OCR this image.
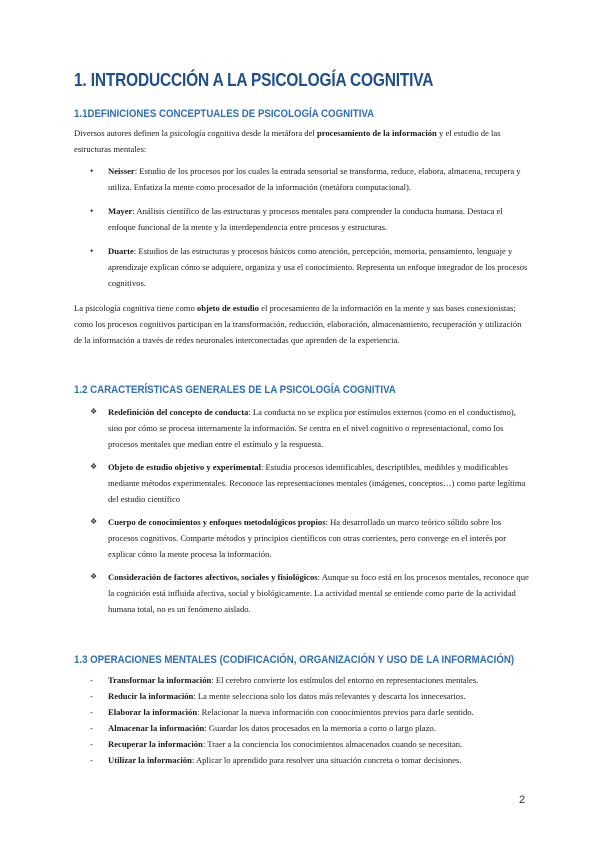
1. INTRODUCCIÓN A LA PSICOLOGÍA COGNITIVA
1.1DEFINICIONES CONCEPTUALES DE PSICOLOGÍA COGNITIVA

Diversos autores definen la psicología cognitiva desde la metáfora del procesamiento de la información y el estudio de las estructuras mentales:

• Neisser: Estudio de los procesos por los cuales la entrada sensorial se transforma, reduce, elabora, almacena, recupera y utiliza. Enfatiza la mente como procesador de la información (metáfora computacional).
• Mayer: Análisis científico de las estructuras y procesos mentales para comprender la conducta humana. Destaca el enfoque funcional de la mente y la interdependencia entre procesos y estructuras.
• Duarte: Estudios de las estructuras y procesos básicos como atención, percepción, memoria, pensamiento, lenguaje y aprendizaje explican cómo se adquiere, organiza y usa el conocimiento. Representa un enfoque integrador de los procesos cognitivos.

La psicología cognitiva tiene como objeto de estudio el procesamiento de la información en la mente y sus bases conexionistas; como los procesos cognitivos participan en la transformación, reducción, elaboración, almacenamiento, recuperación y utilización de la información a través de redes neuronales interconectadas que aprenden de la experiencia.

1.2 CARACTERÍSTICAS GENERALES DE LA PSICOLOGÍA COGNITIVA
❖ Redefinición del concepto de conducta: La conducta no se explica por estímulos externos (como en el conductismo), sino por cómo se procesa internamente la información. Se centra en el nivel cognitivo o representacional, como los procesos mentales que median entre el estímulo y la respuesta.
❖ Objeto de estudio objetivo y experimental: Estudia procesos identificables, descriptibles, medibles y modificables mediante métodos experimentales. Reconoce las representaciones mentales (imágenes, conceptos…) como parte legítima del estudio científico
❖ Cuerpo de conocimientos y enfoques metodológicos propios: Ha desarrollado un marco teórico sólido sobre los procesos cognitivos. Comparte métodos y principios científicos con otras corrientes, pero converge en el interés por explicar cómo la mente procesa la información.
❖ Consideración de factores afectivos, sociales y fisiológicos: Aunque su foco está en los procesos mentales, reconoce que la cognición está influida afectiva, social y biológicamente. La actividad mental se entiende como parte de la actividad humana total, no es un fenómeno aislado.
1.3 OPERACIONES MENTALES (CODIFICACIÓN, ORGANIZACIÓN Y USO DE LA INFORMACIÓN)
- Transformar la información: El cerebro convierte los estímulos del entorno en representaciones mentales.
- Reducir la información: La mente selecciona solo los datos más relevantes y descarta los innecesarios.
- Elaborar la información: Relacionar la nueva información con conocimientos previos para darle sentido.
- Almacenar la información: Guardar los datos procesados en la memoria a corto o largo plazo.
- Recuperar la información: Traer a la conciencia los conocimientos almacenados cuando se necesitan.
- Utilizar la información: Aplicar lo aprendido para resolver una situación concreta o tomar decisiones.
2
